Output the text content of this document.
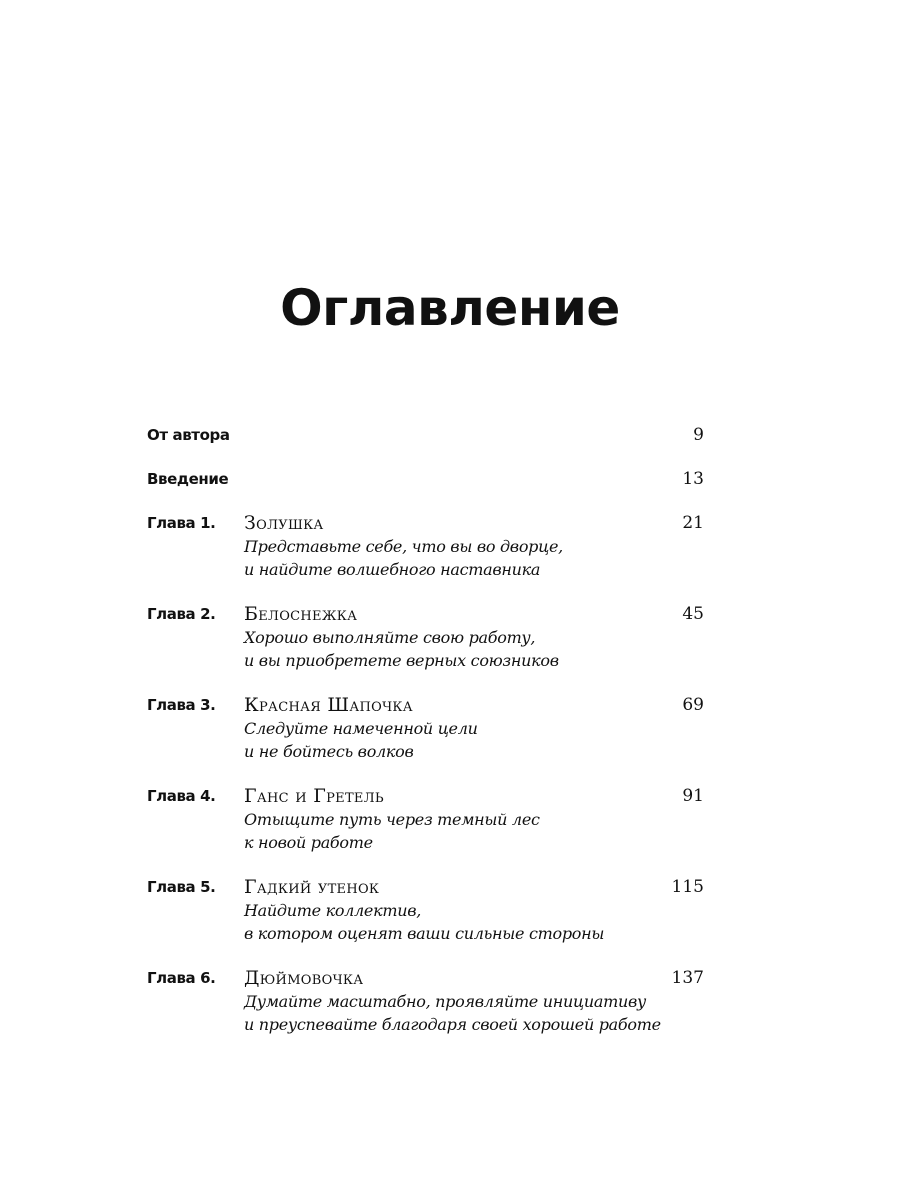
Оглавление
От автора	9
Введение	13
Глава 1. Золушка
Представьте себе, что вы во дворце,
и найдите волшебного наставника
21
Глава 2. Белоснежка
Хорошо выполняйте свою работу,
и вы приобретете верных союзников
45
Глава 3. Красная Шапочка
Следуйте намеченной цели
и не бойтесь волков
69
Глава 4. Ганс и Гретель
Отыщите путь через темный лес
к новой работе
91
Глава 5. Гадкий утенок
Найдите коллектив,
в котором оценят ваши сильные стороны
115
Глава 6. Дюймовочка
Думайте масштабно, проявляйте инициативу
и преуспевайте благодаря своей хорошей работе
137
